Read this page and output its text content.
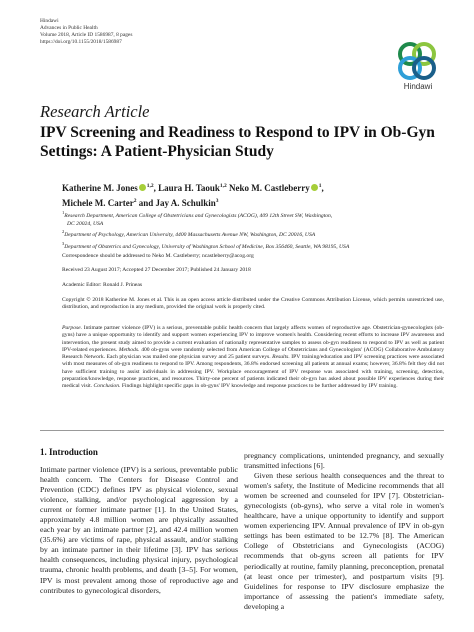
Hindawi
Advances in Public Health
Volume 2018, Article ID 1586987, 8 pages
https://doi.org/10.1155/2018/1586987
Hindawi
Research Article
IPV Screening and Readiness to Respond to IPV in Ob-Gyn Settings: A Patient-Physician Study
Katherine M. Jones $^{1,2}$, Laura H. Taouk$^{1,2}$ Neko M. Castleberry $^1$,
Michele M. Carter$^2$ and Jay A. Schulkin$^3$
$^1$Research Department, American College of Obstetricians and Gynecologists (ACOG), 409 12th Street SW, Washington,
DC 20024, USA
$^2$Department of Psychology, American University, 4400 Massachusetts Avenue NW, Washington, DC 20016, USA
$^3$Department of Obstetrics and Gynecology, University of Washington School of Medicine, Box 356460, Seattle, WA 98195, USA
Correspondence should be addressed to Neko M. Castleberry; ncastleberry@acog.org
Received 23 August 2017; Accepted 27 December 2017; Published 24 January 2018
Academic Editor: Ronald J. Prineas
Copyright © 2018 Katherine M. Jones et al. This is an open access article distributed under the Creative Commons Attribution License, which permits unrestricted use, distribution, and reproduction in any medium, provided the original work is properly cited.
Purpose. Intimate partner violence (IPV) is a serious, preventable public health concern that largely affects women of reproductive age. Obstetrician-gynecologists (ob-gyns) have a unique opportunity to identify and support women experiencing IPV to improve women's health. Considering recent efforts to increase IPV awareness and intervention, the present study aimed to provide a current evaluation of nationally representative samples to assess ob-gyn readiness to respond to IPV as well as patient IPV-related experiences. Methods. 400 ob-gyns were randomly selected from American College of Obstetricians and Gynecologists' (ACOG) Collaborative Ambulatory Research Network. Each physician was mailed one physician survey and 25 patient surveys. Results. IPV training/education and IPV screening practices were associated with most measures of ob-gyn readiness to respond to IPV. Among respondents, 36.8% endorsed screening all patients at annual exams; however, 36.8% felt they did not have sufficient training to assist individuals in addressing IPV. Workplace encouragement of IPV response was associated with training, screening, detection, preparation/knowledge, response practices, and resources. Thirty-one percent of patients indicated their ob-gyn has asked about possible IPV experiences during their medical visit. Conclusion. Findings highlight specific gaps in ob-gyns' IPV knowledge and response practices to be further addressed by IPV training.
1. Introduction

Intimate partner violence (IPV) is a serious, preventable public health concern. The Centers for Disease Control and Prevention (CDC) defines IPV as physical violence, sexual violence, stalking, and/or psychological aggression by a current or former intimate partner [1]. In the United States, approximately 4.8 million women are physically assaulted each year by an intimate partner [2], and 42.4 million women (35.6%) are victims of rape, physical assault, and/or stalking by an intimate partner in their lifetime [3]. IPV has serious health consequences, including physical injury, psychological trauma, chronic health problems, and death [3–5]. For women, IPV is most prevalent among those of reproductive age and contributes to gynecological disorders,

pregnancy complications, unintended pregnancy, and sexually transmitted infections [6].

Given these serious health consequences and the threat to women's safety, the Institute of Medicine recommends that all women be screened and counseled for IPV [7]. Obstetrician-gynecologists (ob-gyns), who serve a vital role in women's healthcare, have a unique opportunity to identify and support women experiencing IPV. Annual prevalence of IPV in ob-gyn settings has been estimated to be 12.7% [8]. The American College of Obstetricians and Gynecologists (ACOG) recommends that ob-gyns screen all patients for IPV periodically at routine, family planning, preconception, prenatal (at least once per trimester), and postpartum visits [9]. Guidelines for response to IPV disclosure emphasize the importance of assessing the patient's immediate safety, developing a
